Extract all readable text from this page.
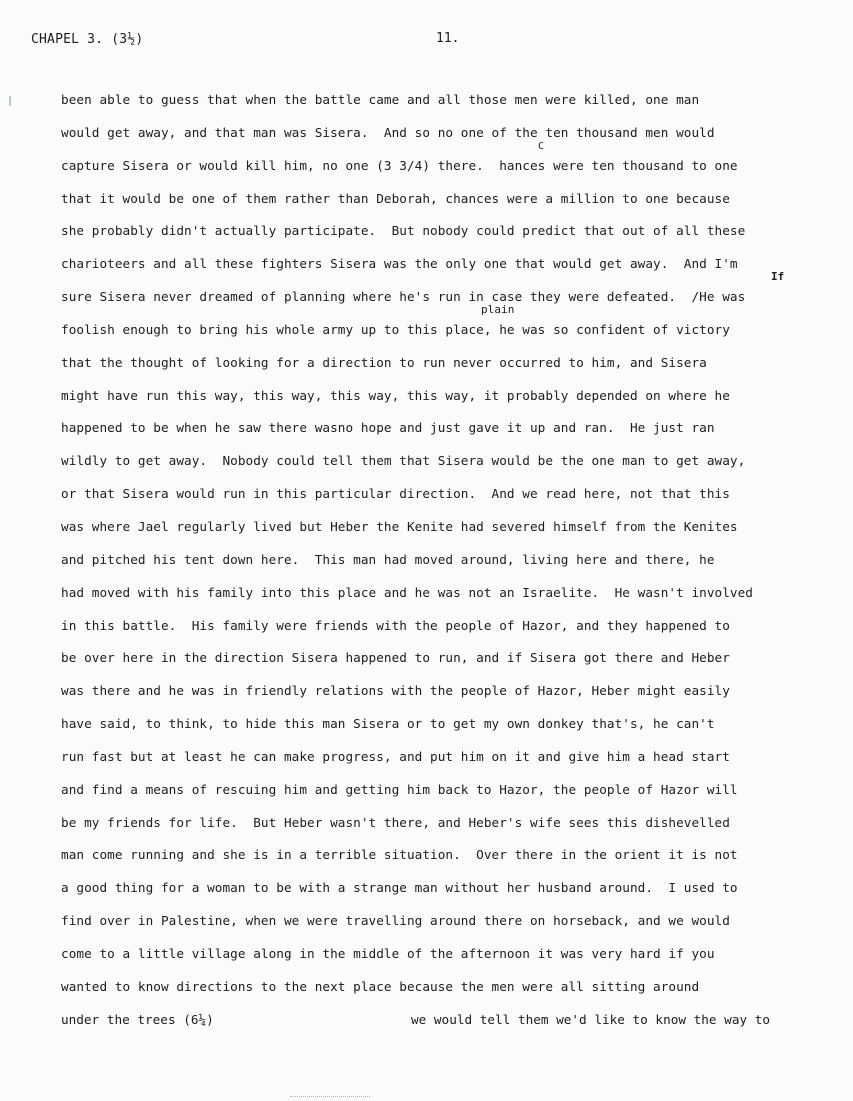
CHAPEL 3. (3½)	11.
been able to guess that when the battle came and all those men were killed, one man
would get away, and that man was Sisera.  And so no one of the ten thousand men would
capture Sisera or would kill him, no one (3 3/4) there.  hances were ten thousand to one
C
that it would be one of them rather than Deborah, chances were a million to one because
she probably didn't actually participate.  But nobody could predict that out of all these
charioteers and all these fighters Sisera was the only one that would get away.  And I'm
sure Sisera never dreamed of planning where he's run in case they were defeated.  /He was
If
foolish enough to bring his whole army up to this place, he was so confident of victory
plain
that the thought of looking for a direction to run never occurred to him, and Sisera
might have run this way, this way, this way, this way, it probably depended on where he
happened to be when he saw there wasno hope and just gave it up and ran.  He just ran
wildly to get away.  Nobody could tell them that Sisera would be the one man to get away,
or that Sisera would run in this particular direction.  And we read here, not that this
was where Jael regularly lived but Heber the Kenite had severed himself from the Kenites
and pitched his tent down here.  This man had moved around, living here and there, he
had moved with his family into this place and he was not an Israelite.  He wasn't involved
in this battle.  His family were friends with the people of Hazor, and they happened to
be over here in the direction Sisera happened to run, and if Sisera got there and Heber
was there and he was in friendly relations with the people of Hazor, Heber might easily
have said, to think, to hide this man Sisera or to get my own donkey that's, he can't
run fast but at least he can make progress, and put him on it and give him a head start
and find a means of rescuing him and getting him back to Hazor, the people of Hazor will
be my friends for life.  But Heber wasn't there, and Heber's wife sees this dishevelled
man come running and she is in a terrible situation.  Over there in the orient it is not
a good thing for a woman to be with a strange man without her husband around.  I used to
find over in Palestine, when we were travelling around there on horseback, and we would
come to a little village along in the middle of the afternoon it was very hard if you
wanted to know directions to the next place because the men were all sitting around

under the trees (6¼)

	we would tell them we'd like to know the way to
